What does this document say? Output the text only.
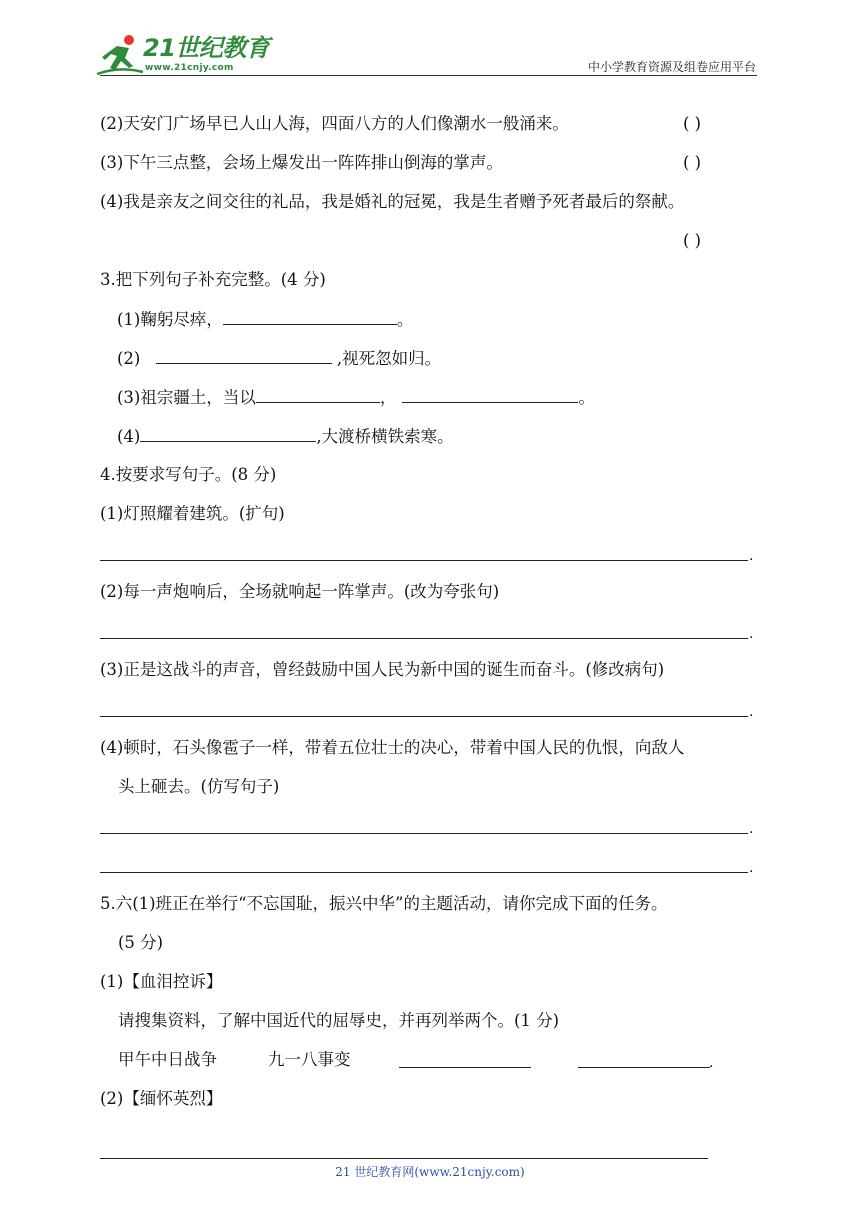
21世纪教育
www.21cnjy.com	中小学教育资源及组卷应用平台
(2)天安门广场早已人山人海，四面八方的人们像潮水一般涌来。	( )
(3)下午三点整，会场上爆发出一阵阵排山倒海的掌声。	( )
(4)我是亲友之间交往的礼品，我是婚礼的冠冕，我是生者赠予死者最后的祭献。
( )
3.把下列句子补充完整。(4 分)
(1)鞠躬尽瘁，	。
(2)	,视死忽如归。
(3)祖宗疆土，当以	，	。
(4)	,大渡桥横铁索寒。
4.按要求写句子。(8 分)
(1)灯照耀着建筑。(扩句)
.
(2)每一声炮响后，全场就响起一阵掌声。(改为夸张句)
.
(3)正是这战斗的声音，曾经鼓励中国人民为新中国的诞生而奋斗。(修改病句)
.
(4)顿时，石头像雹子一样，带着五位壮士的决心，带着中国人民的仇恨，向敌人
头上砸去。(仿写句子)
.
.
5.六(1)班正在举行“不忘国耻，振兴中华”的主题活动，请你完成下面的任务。
(5 分)
(1)【血泪控诉】
请搜集资料，了解中国近代的屈辱史，并再列举两个。(1 分)
甲午中日战争	九一八事变	.
(2)【缅怀英烈】
21 世纪教育网(www.21cnjy.com)
